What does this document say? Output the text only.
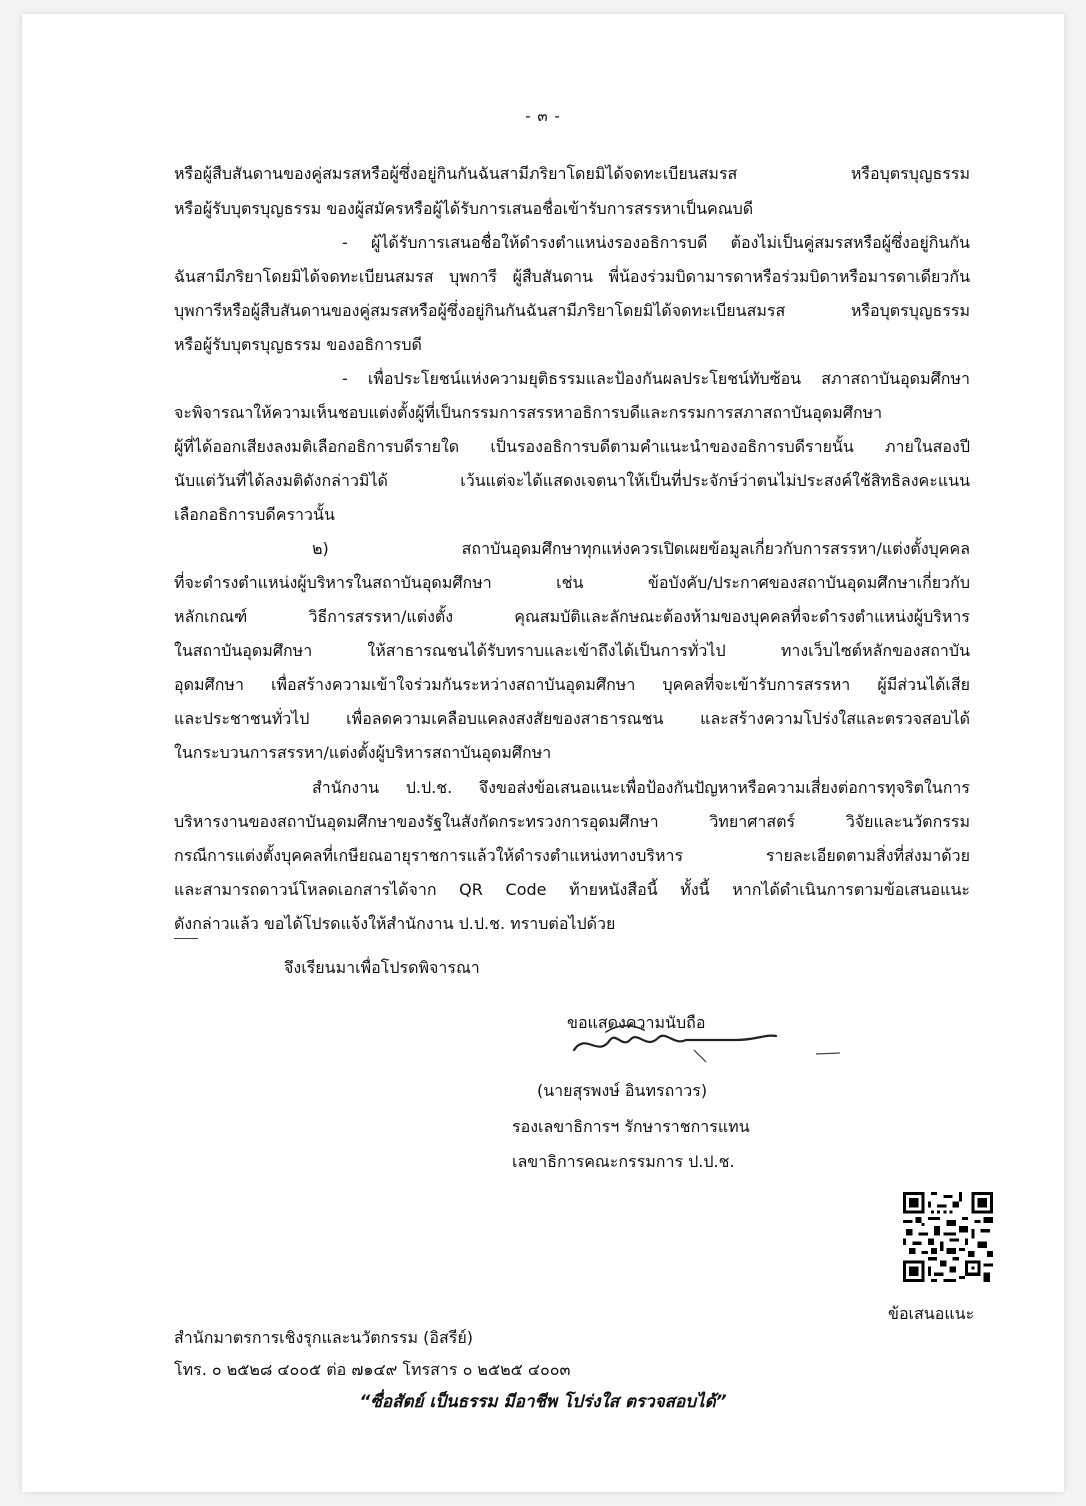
- ๓ -
หรือผู้สืบสันดานของคู่สมรสหรือผู้ซึ่งอยู่กินกันฉันสามีภริยาโดยมิได้จดทะเบียนสมรส หรือบุตรบุญธรรม
หรือผู้รับบุตรบุญธรรม ของผู้สมัครหรือผู้ได้รับการเสนอชื่อเข้ารับการสรรหาเป็นคณบดี
- ผู้ได้รับการเสนอชื่อให้ดำรงตำแหน่งรองอธิการบดี ต้องไม่เป็นคู่สมรสหรือผู้ซึ่งอยู่กินกัน
ฉันสามีภริยาโดยมิได้จดทะเบียนสมรส บุพการี ผู้สืบสันดาน พี่น้องร่วมบิดามารดาหรือร่วมบิดาหรือมารดาเดียวกัน
บุพการีหรือผู้สืบสันดานของคู่สมรสหรือผู้ซึ่งอยู่กินกันฉันสามีภริยาโดยมิได้จดทะเบียนสมรส หรือบุตรบุญธรรม
หรือผู้รับบุตรบุญธรรม ของอธิการบดี
- เพื่อประโยชน์แห่งความยุติธรรมและป้องกันผลประโยชน์ทับซ้อน สภาสถาบันอุดมศึกษา
จะพิจารณาให้ความเห็นชอบแต่งตั้งผู้ที่เป็นกรรมการสรรหาอธิการบดีและกรรมการสภาสถาบันอุดมศึกษา
ผู้ที่ได้ออกเสียงลงมติเลือกอธิการบดีรายใด เป็นรองอธิการบดีตามคำแนะนำของอธิการบดีรายนั้น ภายในสองปี
นับแต่วันที่ได้ลงมติดังกล่าวมิได้ เว้นแต่จะได้แสดงเจตนาให้เป็นที่ประจักษ์ว่าตนไม่ประสงค์ใช้สิทธิลงคะแนน
เลือกอธิการบดีคราวนั้น
๒) สถาบันอุดมศึกษาทุกแห่งควรเปิดเผยข้อมูลเกี่ยวกับการสรรหา/แต่งตั้งบุคคล
ที่จะดำรงตำแหน่งผู้บริหารในสถาบันอุดมศึกษา เช่น ข้อบังคับ/ประกาศของสถาบันอุดมศึกษาเกี่ยวกับ
หลักเกณฑ์ วิธีการสรรหา/แต่งตั้ง คุณสมบัติและลักษณะต้องห้ามของบุคคลที่จะดำรงตำแหน่งผู้บริหาร
ในสถาบันอุดมศึกษา ให้สาธารณชนได้รับทราบและเข้าถึงได้เป็นการทั่วไป ทางเว็บไซต์หลักของสถาบัน
อุดมศึกษา เพื่อสร้างความเข้าใจร่วมกันระหว่างสถาบันอุดมศึกษา บุคคลที่จะเข้ารับการสรรหา ผู้มีส่วนได้เสีย
และประชาชนทั่วไป เพื่อลดความเคลือบแคลงสงสัยของสาธารณชน และสร้างความโปร่งใสและตรวจสอบได้
ในกระบวนการสรรหา/แต่งตั้งผู้บริหารสถาบันอุดมศึกษา
สำนักงาน ป.ป.ช. จึงขอส่งข้อเสนอแนะเพื่อป้องกันปัญหาหรือความเสี่ยงต่อการทุจริตในการ
บริหารงานของสถาบันอุดมศึกษาของรัฐในสังกัดกระทรวงการอุดมศึกษา วิทยาศาสตร์ วิจัยและนวัตกรรม
กรณีการแต่งตั้งบุคคลที่เกษียณอายุราชการแล้วให้ดำรงตำแหน่งทางบริหาร รายละเอียดตามสิ่งที่ส่งมาด้วย
และสามารถดาวน์โหลดเอกสารได้จาก QR Code ท้ายหนังสือนี้ ทั้งนี้ หากได้ดำเนินการตามข้อเสนอแนะ
ดังกล่าวแล้ว ขอได้โปรดแจ้งให้สำนักงาน ป.ป.ช. ทราบต่อไปด้วย
จึงเรียนมาเพื่อโปรดพิจารณา
ขอแสดงความนับถือ
(นายสุรพงษ์ อินทรถาวร)
รองเลขาธิการฯ รักษาราชการแทน
เลขาธิการคณะกรรมการ ป.ป.ช.
ข้อเสนอแนะ
สำนักมาตรการเชิงรุกและนวัตกรรม (อิสรีย์)
โทร. ๐ ๒๕๒๘ ๔๐๐๕ ต่อ ๗๑๔๙ โทรสาร ๐ ๒๕๒๕ ๔๐๐๓
“ซื่อสัตย์ เป็นธรรม มีอาชีพ โปร่งใส ตรวจสอบได้”
